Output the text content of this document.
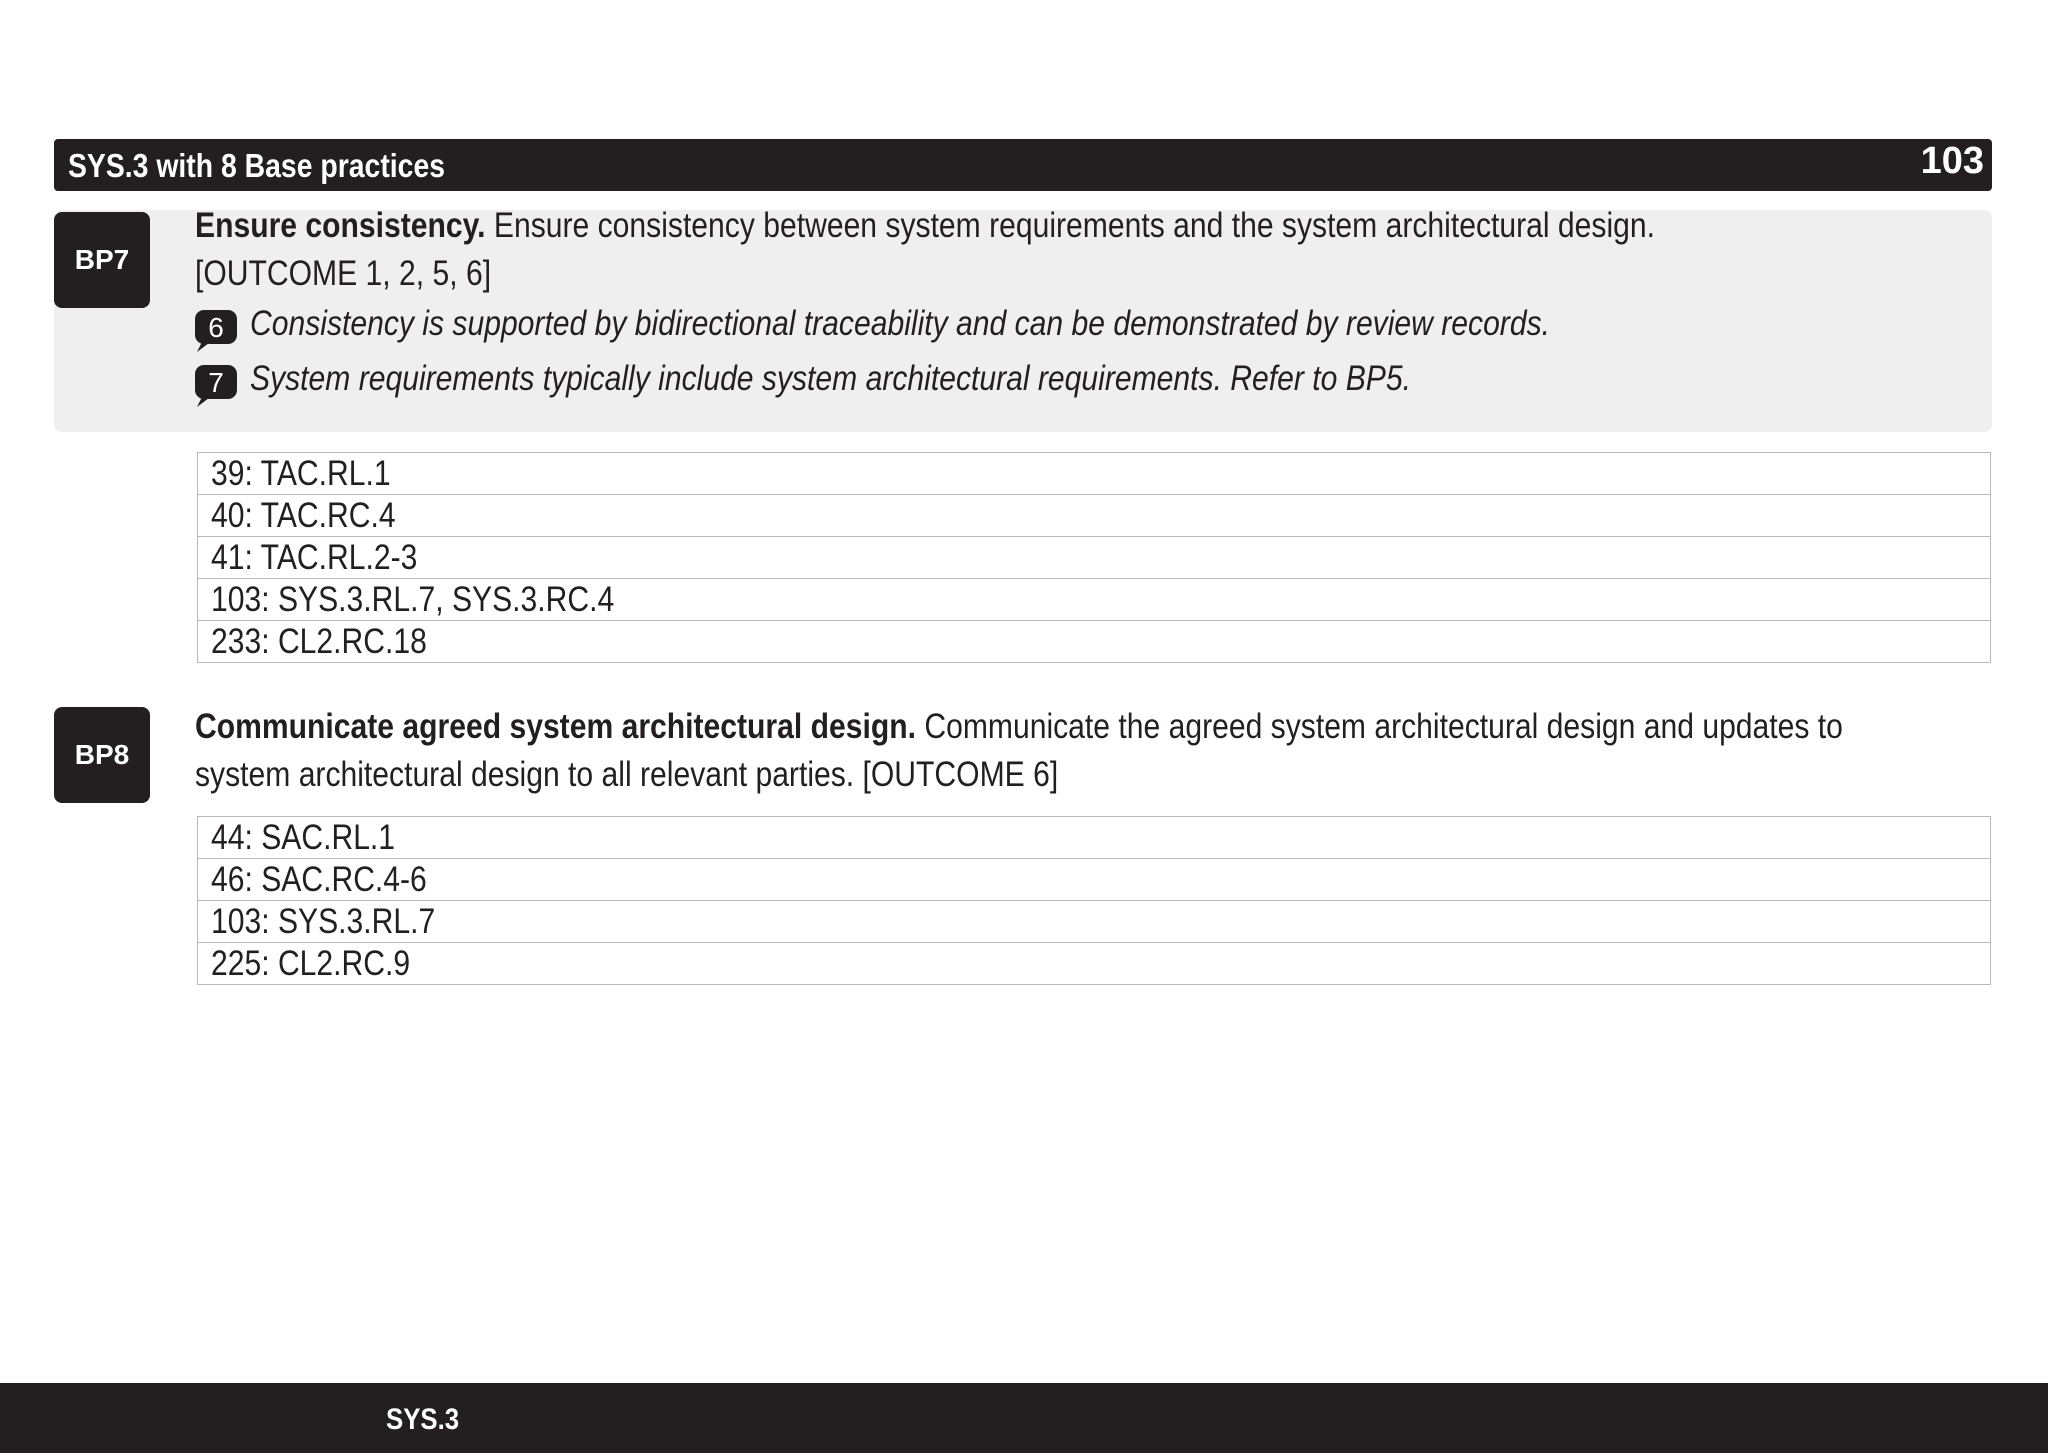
SYS.3 with 8 Base practices	103
BP7
Ensure consistency. Ensure consistency between system requirements and the system architectural design.
[OUTCOME 1, 2, 5, 6]
6 Consistency is supported by bidirectional traceability and can be demonstrated by review records.
7 System requirements typically include system architectural requirements. Refer to BP5.
39: TAC.RL.1
40: TAC.RC.4
41: TAC.RL.2-3
103: SYS.3.RL.7, SYS.3.RC.4
233: CL2.RC.18
BP8
Communicate agreed system architectural design. Communicate the agreed system architectural design and updates to
system architectural design to all relevant parties. [OUTCOME 6]
44: SAC.RL.1
46: SAC.RC.4-6
103: SYS.3.RL.7
225: CL2.RC.9
SYS.3
